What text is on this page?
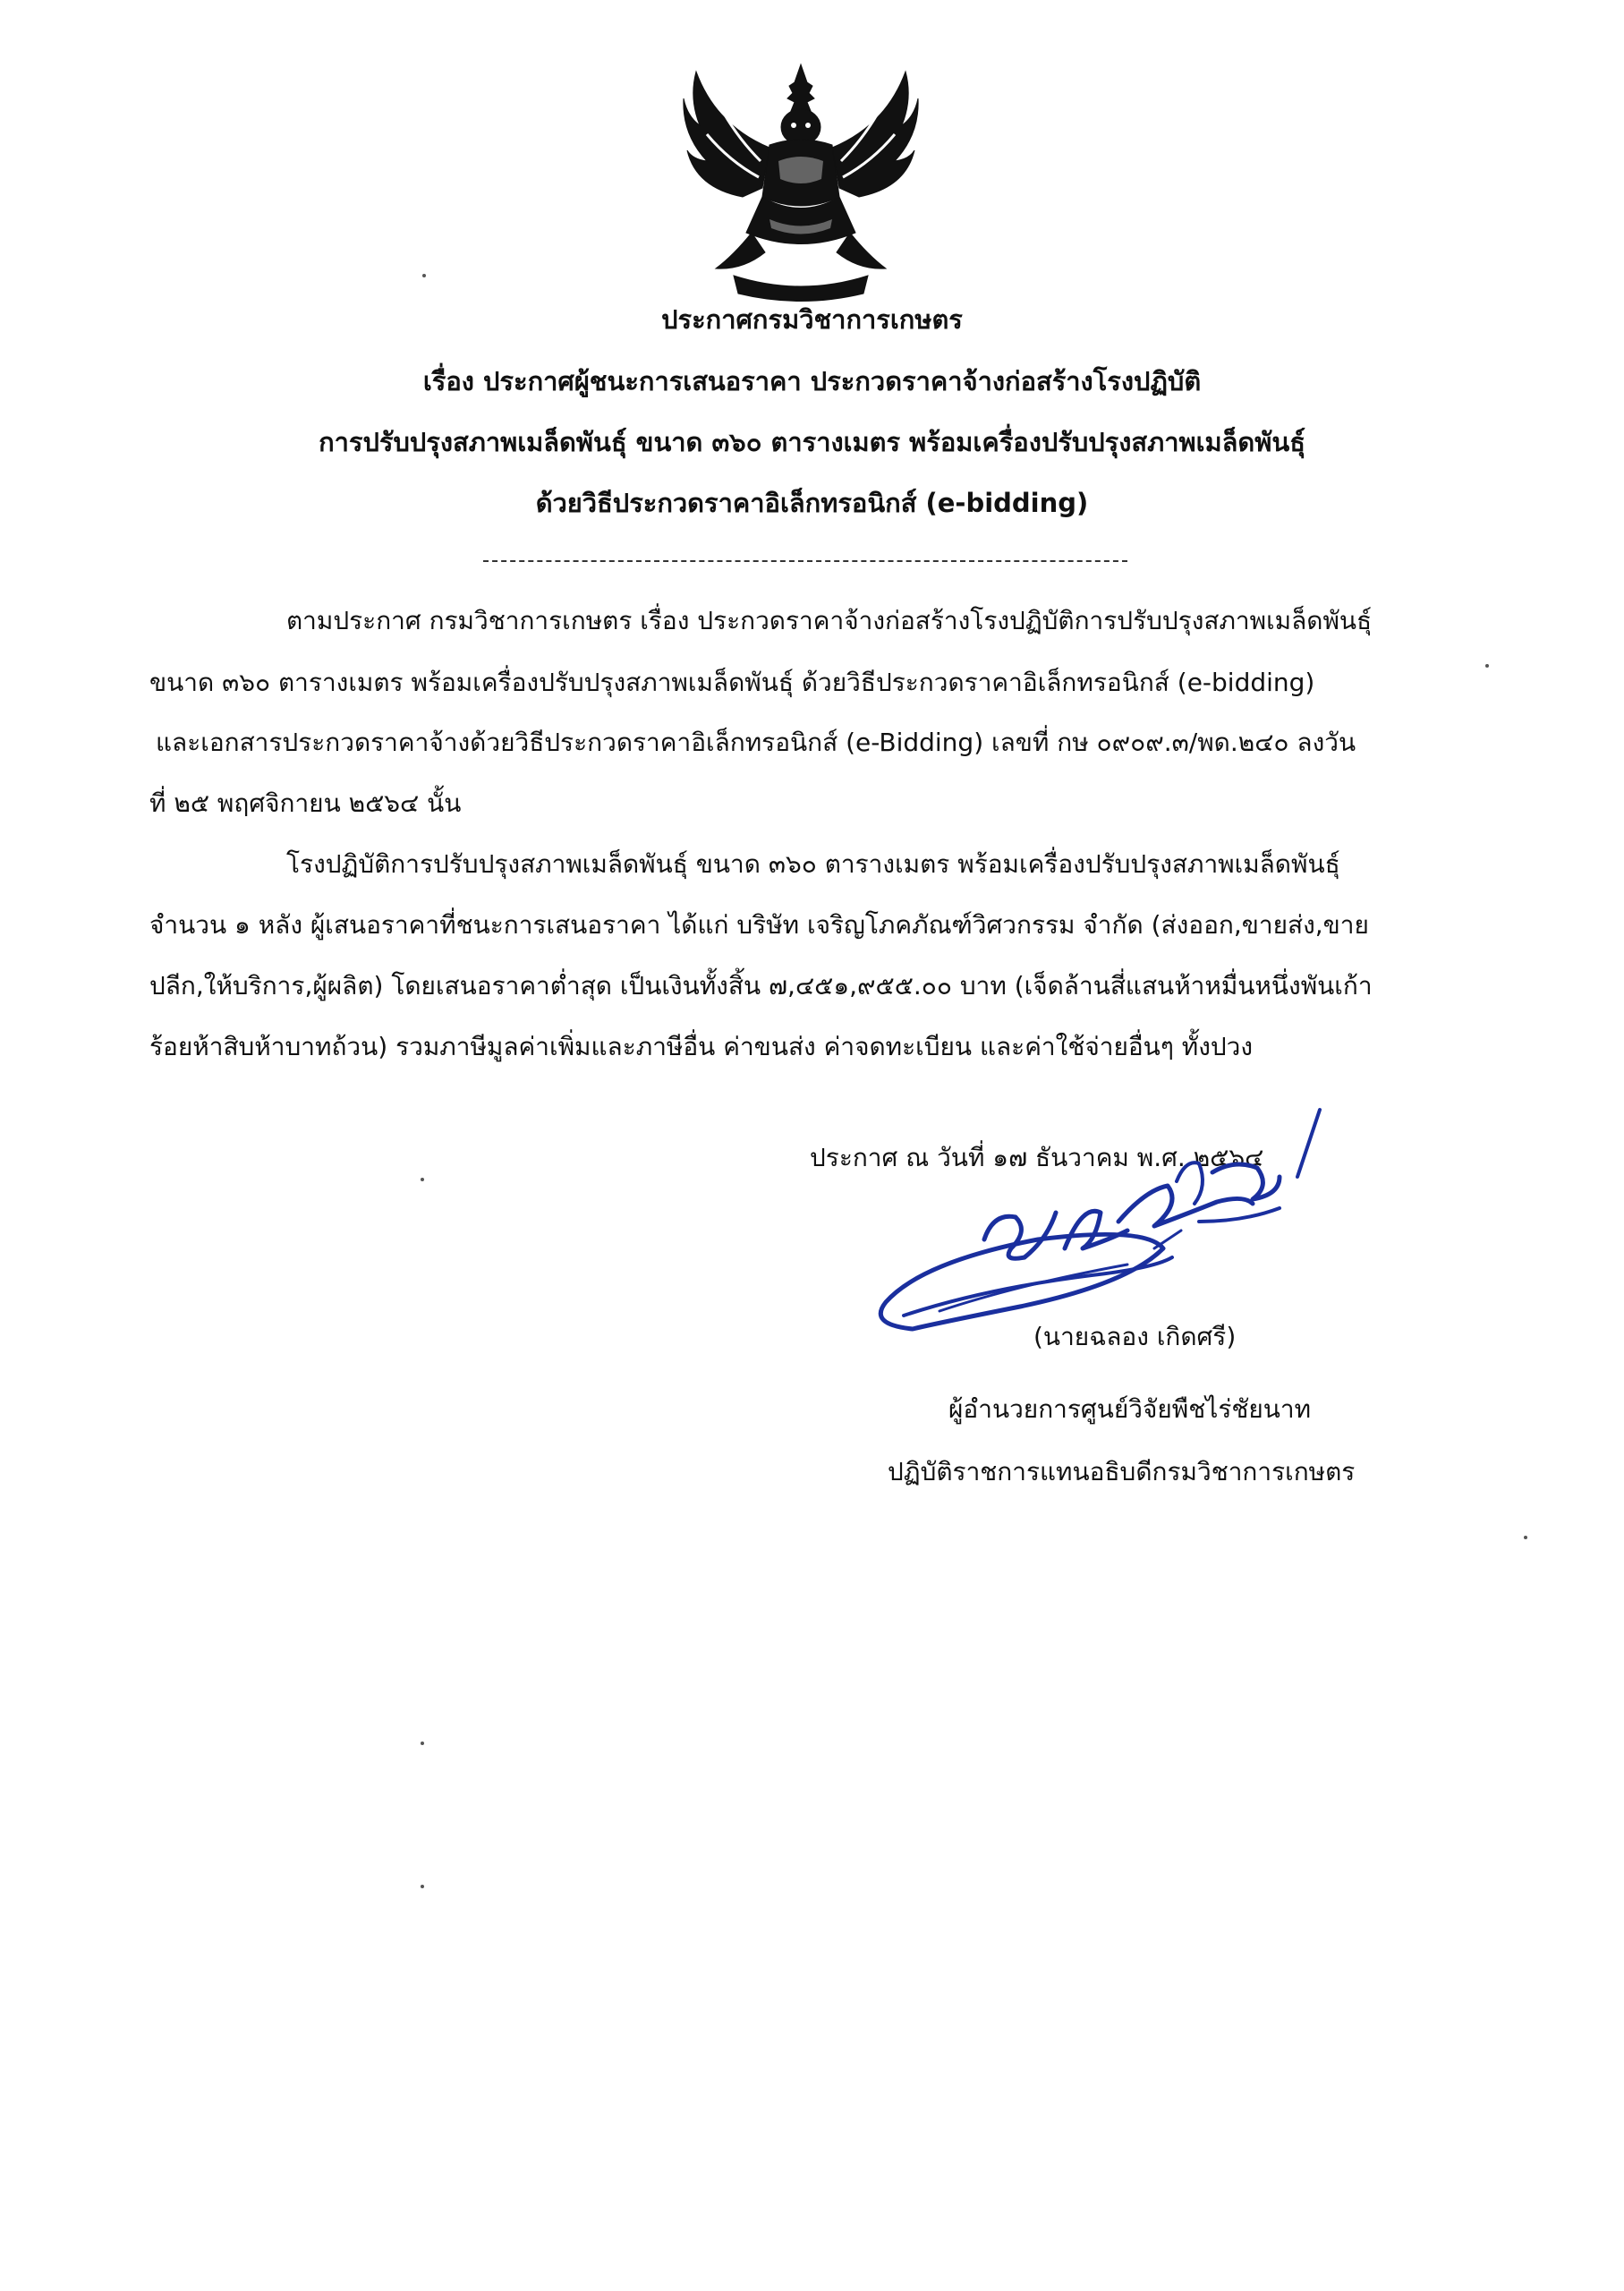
ประกาศกรมวิชาการเกษตร
เรื่อง ประกาศผู้ชนะการเสนอราคา ประกวดราคาจ้างก่อสร้างโรงปฏิบัติ
การปรับปรุงสภาพเมล็ดพันธุ์ ขนาด ๓๖๐ ตารางเมตร พร้อมเครื่องปรับปรุงสภาพเมล็ดพันธุ์
ด้วยวิธีประกวดราคาอิเล็กทรอนิกส์ (e-bidding)
ตามประกาศ กรมวิชาการเกษตร เรื่อง ประกวดราคาจ้างก่อสร้างโรงปฏิบัติการปรับปรุงสภาพเมล็ดพันธุ์
ขนาด ๓๖๐ ตารางเมตร พร้อมเครื่องปรับปรุงสภาพเมล็ดพันธุ์ ด้วยวิธีประกวดราคาอิเล็กทรอนิกส์ (e-bidding)
และเอกสารประกวดราคาจ้างด้วยวิธีประกวดราคาอิเล็กทรอนิกส์ (e-Bidding) เลขที่ กษ ๐๙๐๙.๓/พด.๒๔๐ ลงวัน
ที่ ๒๕ พฤศจิกายน ๒๕๖๔ นั้น
โรงปฏิบัติการปรับปรุงสภาพเมล็ดพันธุ์ ขนาด ๓๖๐ ตารางเมตร พร้อมเครื่องปรับปรุงสภาพเมล็ดพันธุ์
จำนวน ๑ หลัง ผู้เสนอราคาที่ชนะการเสนอราคา ได้แก่ บริษัท เจริญโภคภัณฑ์วิศวกรรม จำกัด (ส่งออก,ขายส่ง,ขาย
ปลีก,ให้บริการ,ผู้ผลิต) โดยเสนอราคาต่ำสุด เป็นเงินทั้งสิ้น ๗,๔๕๑,๙๕๕.๐๐ บาท (เจ็ดล้านสี่แสนห้าหมื่นหนึ่งพันเก้า
ร้อยห้าสิบห้าบาทถ้วน) รวมภาษีมูลค่าเพิ่มและภาษีอื่น ค่าขนส่ง ค่าจดทะเบียน และค่าใช้จ่ายอื่นๆ ทั้งปวง
ประกาศ ณ วันที่ ๑๗ ธันวาคม พ.ศ. ๒๕๖๔
(นายฉลอง เกิดศรี)
ผู้อำนวยการศูนย์วิจัยพืชไร่ชัยนาท
ปฏิบัติราชการแทนอธิบดีกรมวิชาการเกษตร
